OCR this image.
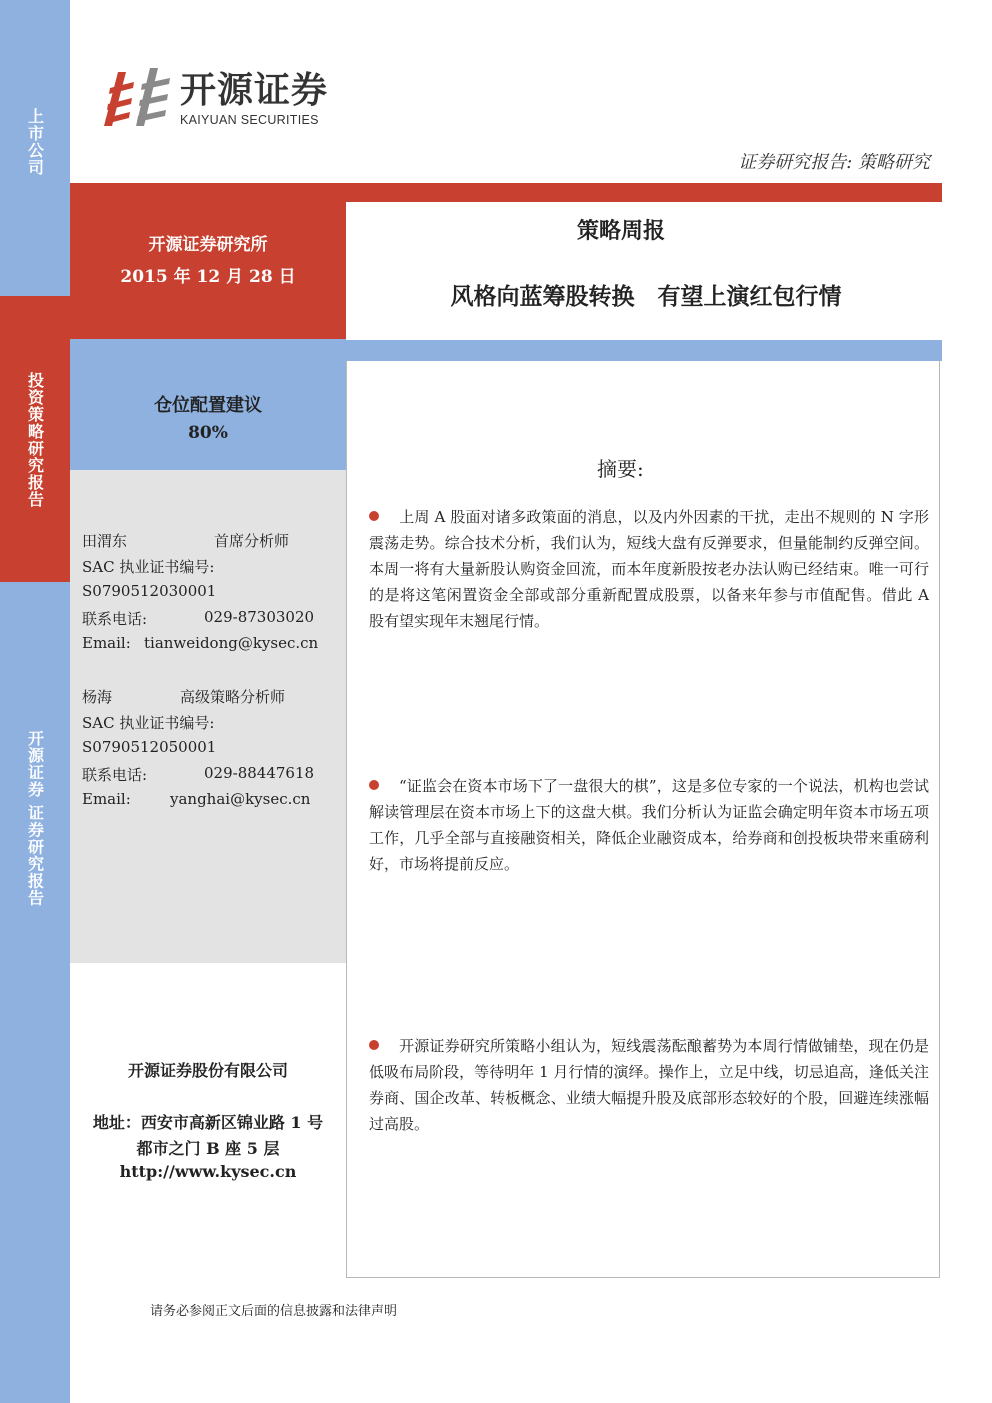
上市公司
投资策略研究报告
开源证券 证券研究报告
开源证券
KAIYUAN SECURITIES
证券研究报告: 策略研究
开源证券研究所
2015 年 12 月 28 日
策略周报
风格向蓝筹股转换　有望上演红包行情
仓位配置建议
80%
田渭东	首席分析师
SAC 执业证书编号:
S0790512030001
联系电话:	029-87303020
Email: tianweidong@kysec.cn
杨海	高级策略分析师
SAC 执业证书编号:
S0790512050001
联系电话:	029-88447618
Email:	yanghai@kysec.cn
开源证券股份有限公司
地址：西安市高新区锦业路 1 号
都市之门 B 座 5 层
http://www.kysec.cn
摘要:
上周 A 股面对诸多政策面的消息，以及内外因素的干扰，走出不规则的 N 字形震荡走势。综合技术分析，我们认为，短线大盘有反弹要求，但量能制约反弹空间。本周一将有大量新股认购资金回流，而本年度新股按老办法认购已经结束。唯一可行的是将这笔闲置资金全部或部分重新配置成股票，以备来年参与市值配售。借此 A 股有望实现年末翘尾行情。
“证监会在资本市场下了一盘很大的棋”，这是多位专家的一个说法，机构也尝试解读管理层在资本市场上下的这盘大棋。我们分析认为证监会确定明年资本市场五项工作，几乎全部与直接融资相关，降低企业融资成本，给券商和创投板块带来重磅利好，市场将提前反应。
开源证券研究所策略小组认为，短线震荡酝酿蓄势为本周行情做铺垫，现在仍是低吸布局阶段，等待明年 1 月行情的演绎。操作上，立足中线，切忌追高，逢低关注券商、国企改革、转板概念、业绩大幅提升股及底部形态较好的个股，回避连续涨幅过高股。
请务必参阅正文后面的信息披露和法律声明
